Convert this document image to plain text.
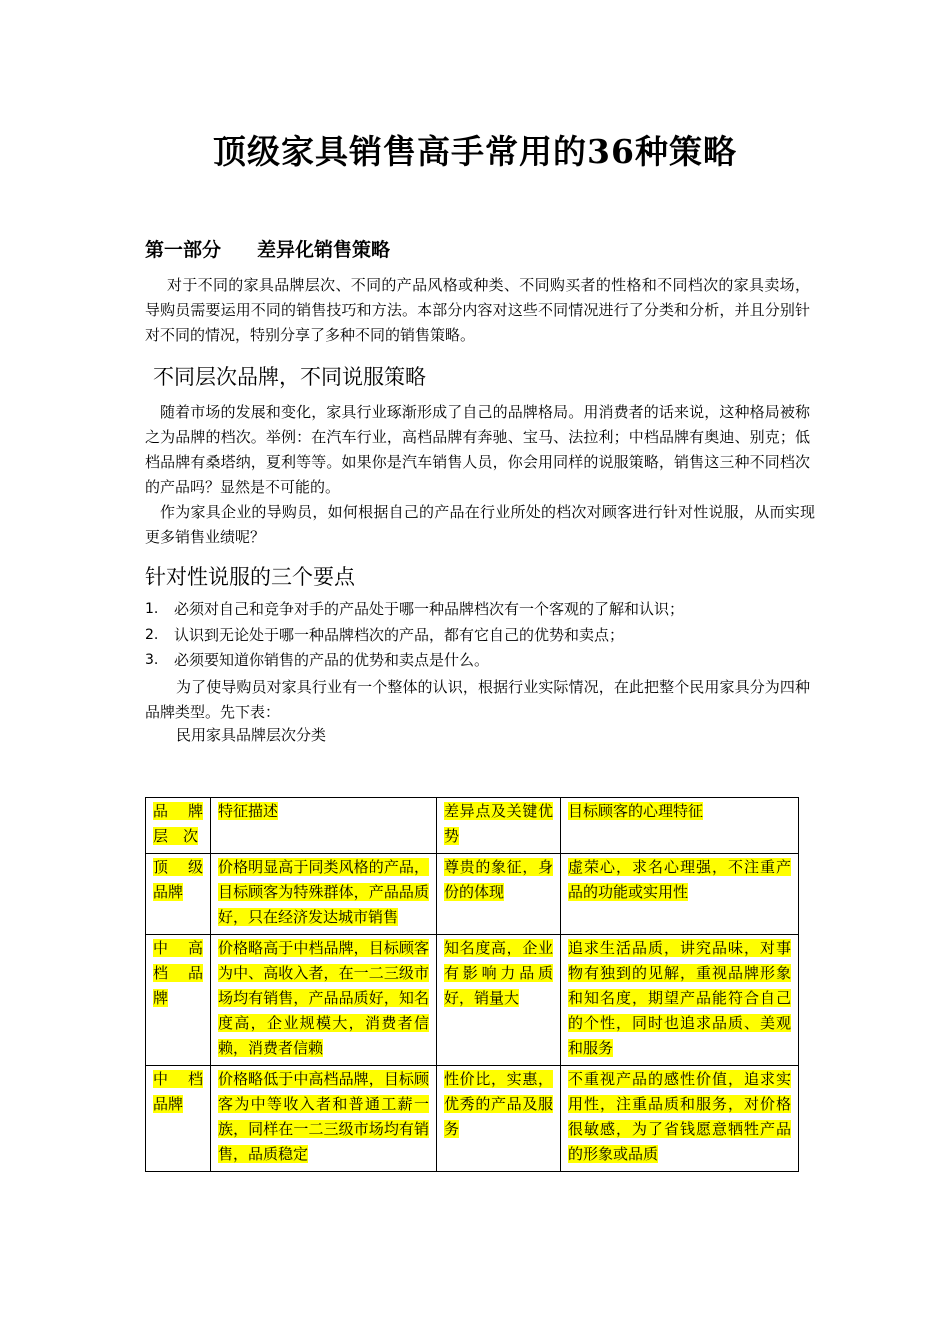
顶级家具销售高手常用的36种策略
第一部分 差异化销售策略
对于不同的家具品牌层次、不同的产品风格或种类、不同购买者的性格和不同档次的家具卖场，导购员需要运用不同的销售技巧和方法。本部分内容对这些不同情况进行了分类和分析，并且分别针对不同的情况，特别分享了多种不同的销售策略。
不同层次品牌，不同说服策略
随着市场的发展和变化，家具行业琢渐形成了自己的品牌格局。用消费者的话来说，这种格局被称之为品牌的档次。举例：在汽车行业，高档品牌有奔驰、宝马、法拉利；中档品牌有奥迪、别克；低档品牌有桑塔纳，夏利等等。如果你是汽车销售人员，你会用同样的说服策略，销售这三种不同档次的产品吗？显然是不可能的。
作为家具企业的导购员，如何根据自己的产品在行业所处的档次对顾客进行针对性说服，从而实现更多销售业绩呢？
针对性说服的三个要点
1.	必须对自己和竞争对手的产品处于哪一种品牌档次有一个客观的了解和认识；
2.	认识到无论处于哪一种品牌档次的产品，都有它自己的优势和卖点；
3.	必须要知道你销售的产品的优势和卖点是什么。
为了使导购员对家具行业有一个整体的认识，根据行业实际情况，在此把整个民用家具分为四种品牌类型。先下表：
民用家具品牌层次分类
品　牌层　次	特征描述	差异点及关键优势	目标顾客的心理特征
顶　级品牌	价格明显高于同类风格的产品，目标顾客为特殊群体，产品品质好，只在经济发达城市销售	尊贵的象征，身份的体现	虚荣心，求名心理强，不注重产品的功能或实用性
中　高档　品牌	价格略高于中档品牌，目标顾客为中、高收入者，在一二三级市场均有销售，产品品质好，知名度高，企业规模大，消费者信赖，消费者信赖	知名度高，企业有影响力品质好，销量大	追求生活品质，讲究品味，对事物有独到的见解，重视品牌形象和知名度，期望产品能符合自己的个性，同时也追求品质、美观和服务
中　档品牌	价格略低于中高档品牌，目标顾客为中等收入者和普通工薪一族，同样在一二三级市场均有销售，品质稳定	性价比，实惠，优秀的产品及服务	不重视产品的感性价值，追求实用性，注重品质和服务，对价格很敏感，为了省钱愿意牺牲产品的形象或品质
